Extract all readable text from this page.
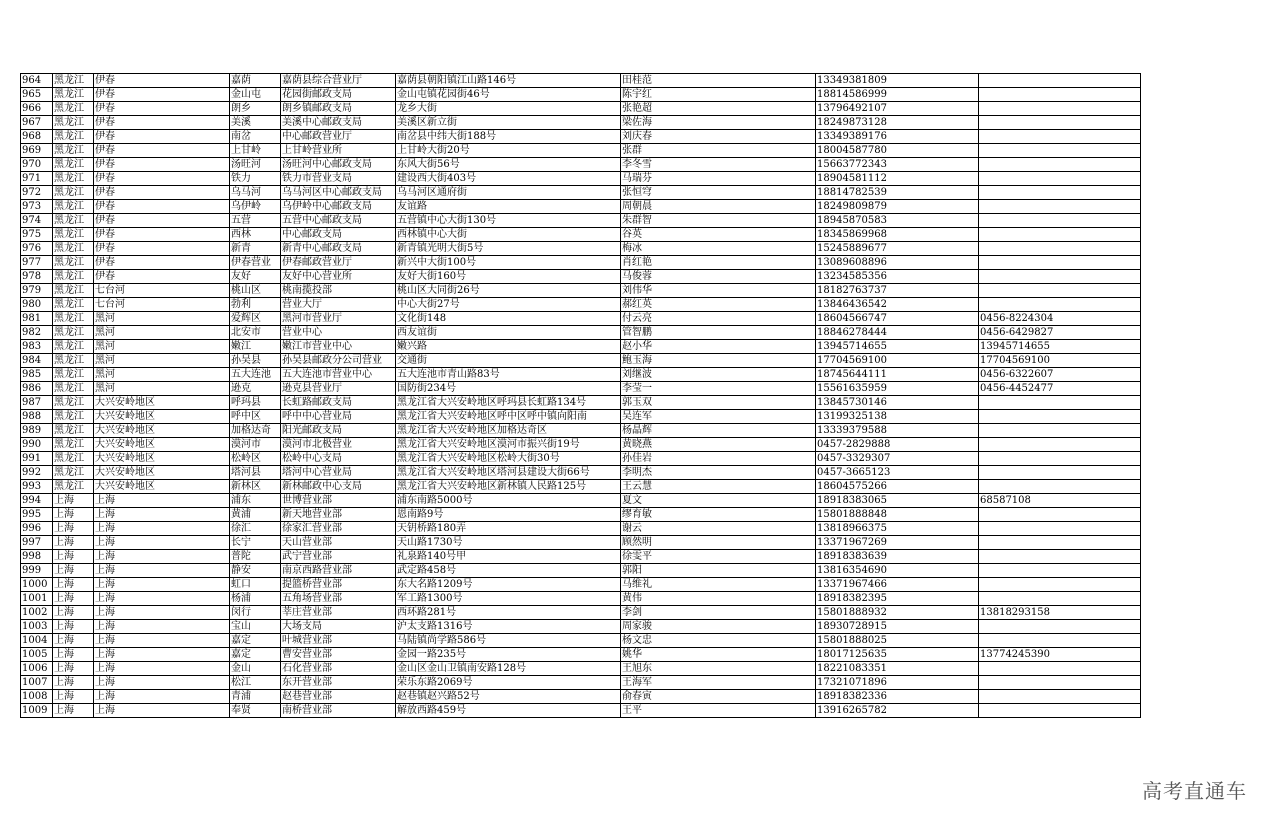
964	黑龙江	伊春	嘉荫	嘉荫县综合营业厅	嘉荫县朝阳镇江山路146号	田桂范	13349381809	
965	黑龙江	伊春	金山屯	花园街邮政支局	金山屯镇花园街46号	陈宇红	18814586999	
966	黑龙江	伊春	朗乡	朗乡镇邮政支局	龙乡大街	张艳超	13796492107	
967	黑龙江	伊春	美溪	美溪中心邮政支局	美溪区新立街	梁佐海	18249873128	
968	黑龙江	伊春	南岔	中心邮政营业厅	南岔县中纬大街188号	刘庆春	13349389176	
969	黑龙江	伊春	上甘岭	上甘岭营业所	上甘岭大街20号	张群	18004587780	
970	黑龙江	伊春	汤旺河	汤旺河中心邮政支局	东风大街56号	李冬雪	15663772343	
971	黑龙江	伊春	铁力	铁力市营业支局	建设西大街403号	马瑞芬	18904581112	
972	黑龙江	伊春	乌马河	乌马河区中心邮政支局	乌马河区通府街	张恒穹	18814782539	
973	黑龙江	伊春	乌伊岭	乌伊岭中心邮政支局	友谊路	周朝晨	18249809879	
974	黑龙江	伊春	五营	五营中心邮政支局	五营镇中心大街130号	朱群智	18945870583	
975	黑龙江	伊春	西林	中心邮政支局	西林镇中心大街	谷英	18345869968	
976	黑龙江	伊春	新青	新青中心邮政支局	新青镇光明大街5号	梅冰	15245889677	
977	黑龙江	伊春	伊春营业	伊春邮政营业厅	新兴中大街100号	肖红艳	13089608896	
978	黑龙江	伊春	友好	友好中心营业所	友好大街160号	马俊蓉	13234585356	
979	黑龙江	七台河	桃山区	桃南揽投部	桃山区大同街26号	刘伟华	18182763737	
980	黑龙江	七台河	勃利	营业大厅	中心大街27号	郝红英	13846436542	
981	黑龙江	黑河	爱辉区	黑河市营业厅	文化街148	付云亮	18604566747	0456-8224304
982	黑龙江	黑河	北安市	营业中心	西友谊街	管智鹏	18846278444	0456-6429827
983	黑龙江	黑河	嫩江	嫩江市营业中心	嫩兴路	赵小华	13945714655	13945714655
984	黑龙江	黑河	孙吴县	孙吴县邮政分公司营业	交通街	鲍玉海	17704569100	17704569100
985	黑龙江	黑河	五大连池	五大连池市营业中心	五大连池市青山路83号	刘继波	18745644111	0456-6322607
986	黑龙江	黑河	逊克	逊克县营业厅	国防街234号	李莹一	15561635959	0456-4452477
987	黑龙江	大兴安岭地区	呼玛县	长虹路邮政支局	黑龙江省大兴安岭地区呼玛县长虹路134号	郭玉双	13845730146	
988	黑龙江	大兴安岭地区	呼中区	呼中中心营业局	黑龙江省大兴安岭地区呼中区呼中镇向阳南	吴连军	13199325138	
989	黑龙江	大兴安岭地区	加格达奇	阳光邮政支局	黑龙江省大兴安岭地区加格达奇区	杨晶辉	13339379588	
990	黑龙江	大兴安岭地区	漠河市	漠河市北极营业	黑龙江省大兴安岭地区漠河市振兴街19号	黄晓燕	0457-2829888	
991	黑龙江	大兴安岭地区	松岭区	松岭中心支局	黑龙江省大兴安岭地区松岭大街30号	孙佳岩	0457-3329307	
992	黑龙江	大兴安岭地区	塔河县	塔河中心营业局	黑龙江省大兴安岭地区塔河县建设大街66号	李明杰	0457-3665123	
993	黑龙江	大兴安岭地区	新林区	新林邮政中心支局	黑龙江省大兴安岭地区新林镇人民路125号	王云慧	18604575266	
994	上海	上海	浦东	世博营业部	浦东南路5000号	夏文	18918383065	68587108
995	上海	上海	黄浦	新天地营业部	恩南路9号	缪育敏	15801888848	
996	上海	上海	徐汇	徐家汇营业部	天钥桥路180弄	谢云	13818966375	
997	上海	上海	长宁	天山营业部	天山路1730号	顾然明	13371967269	
998	上海	上海	普陀	武宁营业部	礼泉路140号甲	徐雯平	18918383639	
999	上海	上海	静安	南京西路营业部	武定路458号	郭阳	13816354690	
1000	上海	上海	虹口	提篮桥营业部	东大名路1209号	马维礼	13371967466	
1001	上海	上海	杨浦	五角场营业部	军工路1300号	黄伟	18918382395	
1002	上海	上海	闵行	莘庄营业部	西环路281号	李剑	15801888932	13818293158
1003	上海	上海	宝山	大场支局	沪太支路1316号	周家骏	18930728915	
1004	上海	上海	嘉定	叶城营业部	马陆镇尚学路586号	杨文忠	15801888025	
1005	上海	上海	嘉定	曹安营业部	金园一路235号	姚华	18017125635	13774245390
1006	上海	上海	金山	石化营业部	金山区金山卫镇南安路128号	王旭东	18221083351	
1007	上海	上海	松江	东开营业部	荣乐东路2069号	王海军	17321071896	
1008	上海	上海	青浦	赵巷营业部	赵巷镇赵兴路52号	俞春寅	18918382336	
1009	上海	上海	奉贤	南桥营业部	解放西路459号	王平	13916265782	
高考直通车
